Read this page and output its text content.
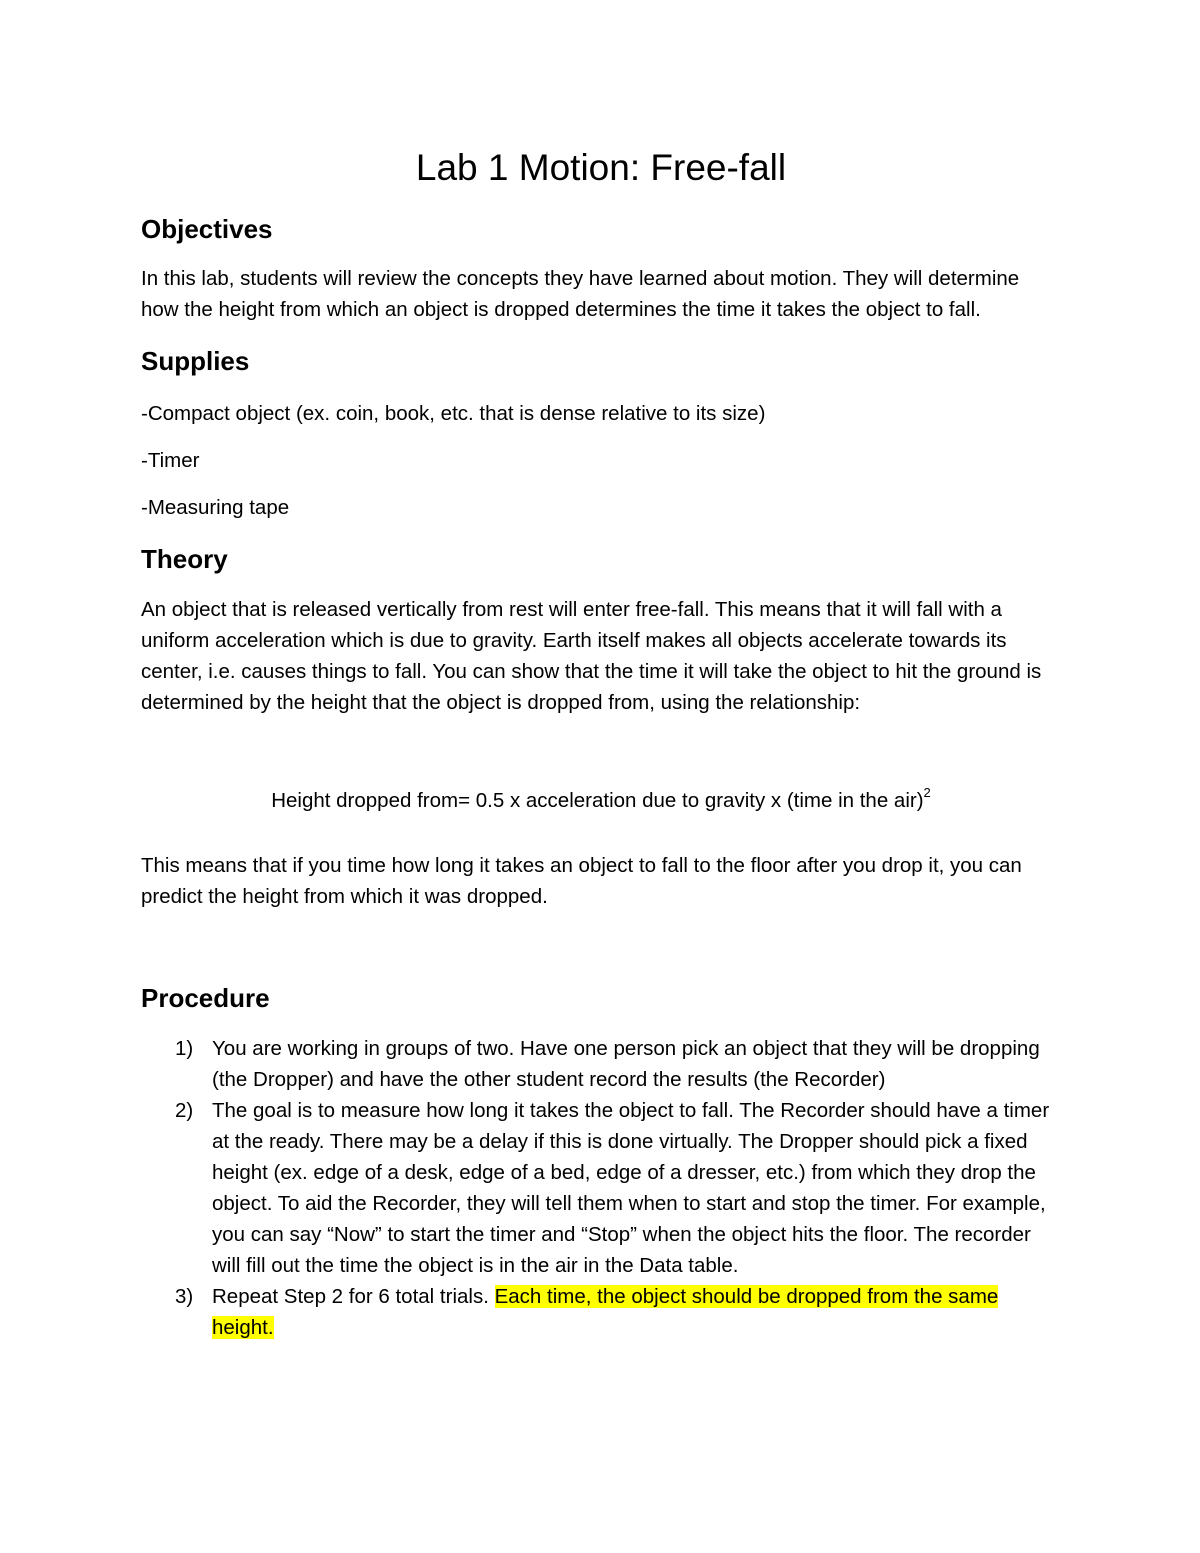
Lab 1 Motion: Free-fall
Objectives

In this lab, students will review the concepts they have learned about motion. They will determine how the height from which an object is dropped determines the time it takes the object to fall.

Supplies

-Compact object (ex. coin, book, etc. that is dense relative to its size)

-Timer

-Measuring tape

Theory

An object that is released vertically from rest will enter free-fall. This means that it will fall with a uniform acceleration which is due to gravity. Earth itself makes all objects accelerate towards its center, i.e. causes things to fall. You can show that the time it will take the object to hit the ground is determined by the height that the object is dropped from, using the relationship:

Height dropped from= 0.5 x acceleration due to gravity x (time in the air)$^2$

This means that if you time how long it takes an object to fall to the floor after you drop it, you can predict the height from which it was dropped.

Procedure
1) You are working in groups of two. Have one person pick an object that they will be dropping (the Dropper) and have the other student record the results (the Recorder)
2) The goal is to measure how long it takes the object to fall. The Recorder should have a timer at the ready. There may be a delay if this is done virtually. The Dropper should pick a fixed height (ex. edge of a desk, edge of a bed, edge of a dresser, etc.) from which they drop the object. To aid the Recorder, they will tell them when to start and stop the timer. For example, you can say “Now” to start the timer and “Stop” when the object hits the floor. The recorder will fill out the time the object is in the air in the Data table.
3) Repeat Step 2 for 6 total trials. Each time, the object should be dropped from the same height.
